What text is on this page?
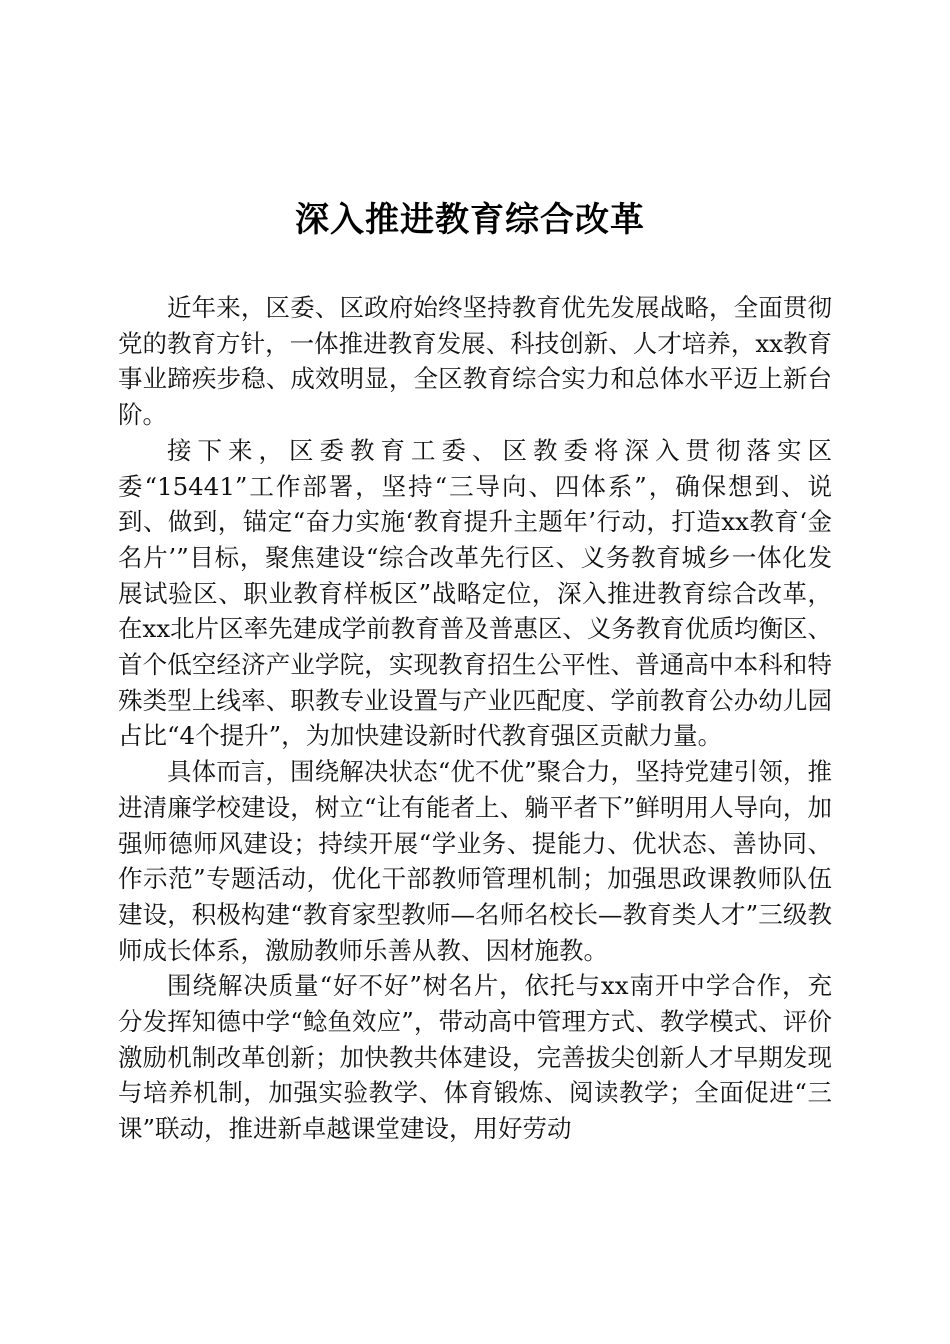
深入推进教育综合改革

近年来，区委、区政府始终坚持教育优先发展战略，全面贯彻党的教育方针，一体推进教育发展、科技创新、人才培养，xx教育事业蹄疾步稳、成效明显，全区教育综合实力和总体水平迈上新台阶。

接下来，区委教育工委、区教委将深入贯彻落实区委“15441”工作部署，坚持“三导向、四体系”，确保想到、说到、做到，锚定“奋力实施‘教育提升主题年’行动，打造xx教育‘金名片’”目标，聚焦建设“综合改革先行区、义务教育城乡一体化发展试验区、职业教育样板区”战略定位，深入推进教育综合改革，在xx北片区率先建成学前教育普及普惠区、义务教育优质均衡区、首个低空经济产业学院，实现教育招生公平性、普通高中本科和特殊类型上线率、职教专业设置与产业匹配度、学前教育公办幼儿园占比“4个提升”，为加快建设新时代教育强区贡献力量。

具体而言，围绕解决状态“优不优”聚合力，坚持党建引领，推进清廉学校建设，树立“让有能者上、躺平者下”鲜明用人导向，加强师德师风建设；持续开展“学业务、提能力、优状态、善协同、作示范”专题活动，优化干部教师管理机制；加强思政课教师队伍建设，积极构建“教育家型教师—名师名校长—教育类人才”三级教师成长体系，激励教师乐善从教、因材施教。

围绕解决质量“好不好”树名片，依托与xx南开中学合作，充分发挥知德中学“鲶鱼效应”，带动高中管理方式、教学模式、评价激励机制改革创新；加快教共体建设，完善拔尖创新人才早期发现与培养机制，加强实验教学、体育锻炼、阅读教学；全面促进“三课”联动，推进新卓越课堂建设，用好劳动
